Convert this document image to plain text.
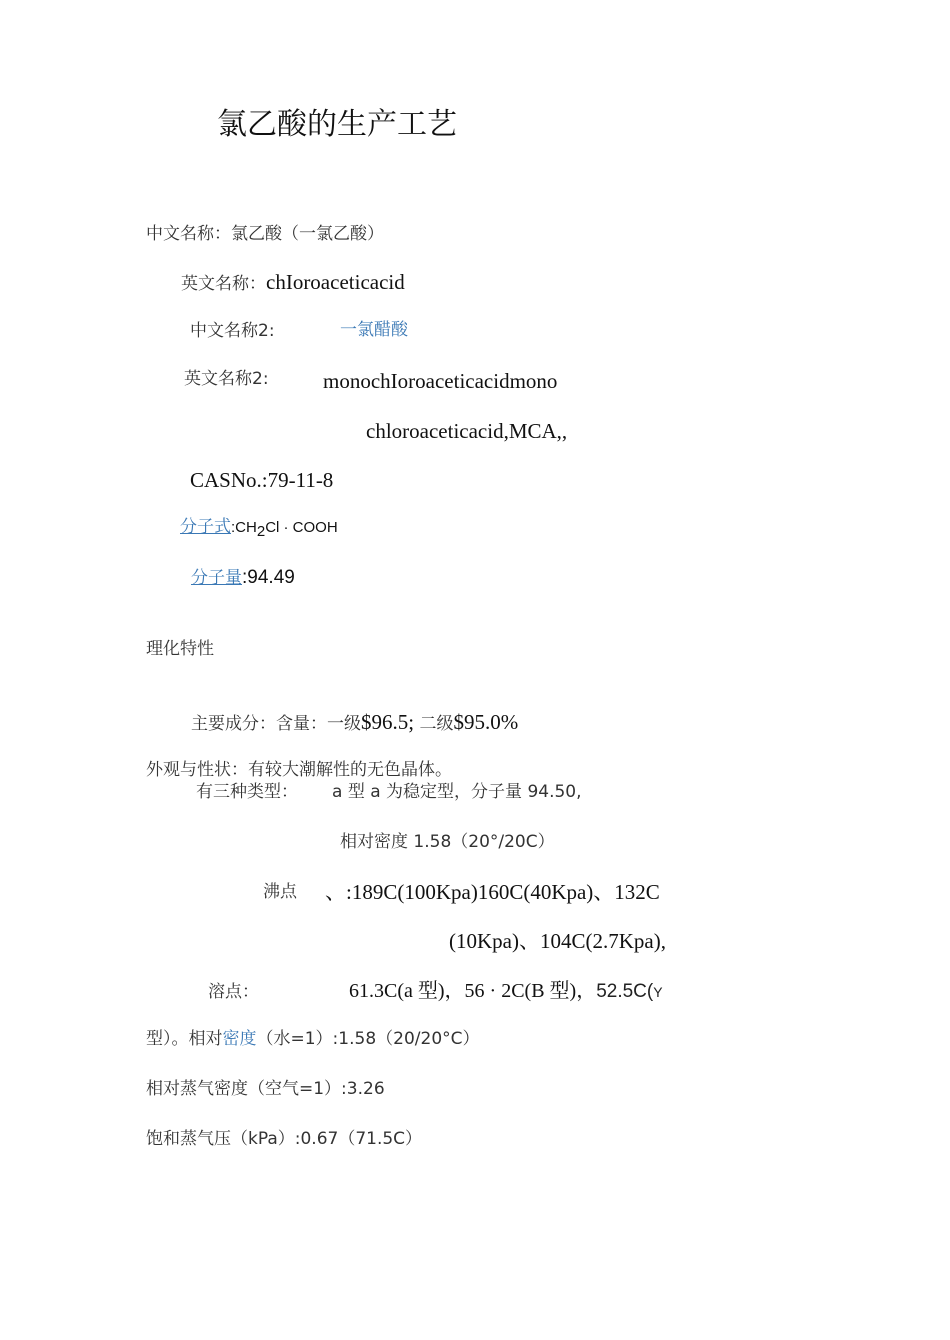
氯乙酸的生产工艺
中文名称：氯乙酸（一氯乙酸）
英文名称：chIoroaceticacid
中文名称2:	一氯醋酸
英文名称2:	monochIoroaceticacidmono
chloroaceticacid,MCA,,
CASNo.:79-11-8
分子式$:CH_2Cl$ · COOH
分子量:94.49
理化特性
主要成分：含量：一级$96.5; 二级$95.0%
外观与性状：有较大潮解性的无色晶体。
有三种类型： a 型 a 为稳定型，分子量 94.50,
相对密度 1.58（20°/20C）
沸点 、:189C(100Kpa)160C(40Kpa)、132C
(10Kpa)、104C(2.7Kpa),
溶点：	61.3C(a 型)，56 · 2C(B 型)，52.5C(Y
型）。相对密度（水=1）:1.58（20/20°C）
相对蒸气密度（空气=1）:3.26
饱和蒸气压（kPa）:0.67（71.5C）
